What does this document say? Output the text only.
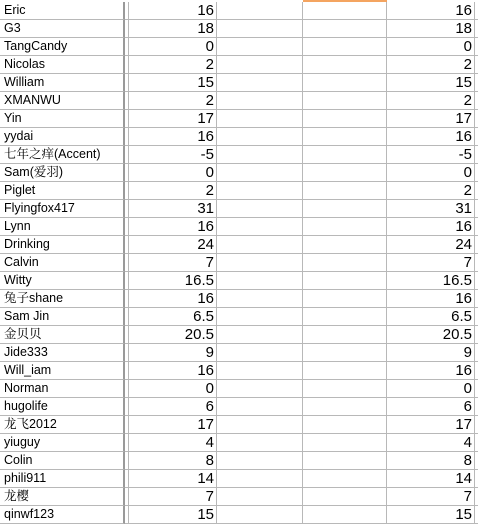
Eric	16	16
G3	18	18
TangCandy	0	0
Nicolas	2	2
William	15	15
XMANWU	2	2
Yin	17	17
yydai	16	16
七年之痒(Accent)	-5	-5
Sam(爱羽)	0	0
Piglet	2	2
Flyingfox417	31	31
Lynn	16	16
Drinking	24	24
Calvin	7	7
Witty	16.5	16.5
兔子shane	16	16
Sam Jin	6.5	6.5
金贝贝	20.5	20.5
Jide333	9	9
Will_iam	16	16
Norman	0	0
hugolife	6	6
龙飞2012	17	17
yiuguy	4	4
Colin	8	8
phili911	14	14
龙樱	7	7
qinwf123	15	15
